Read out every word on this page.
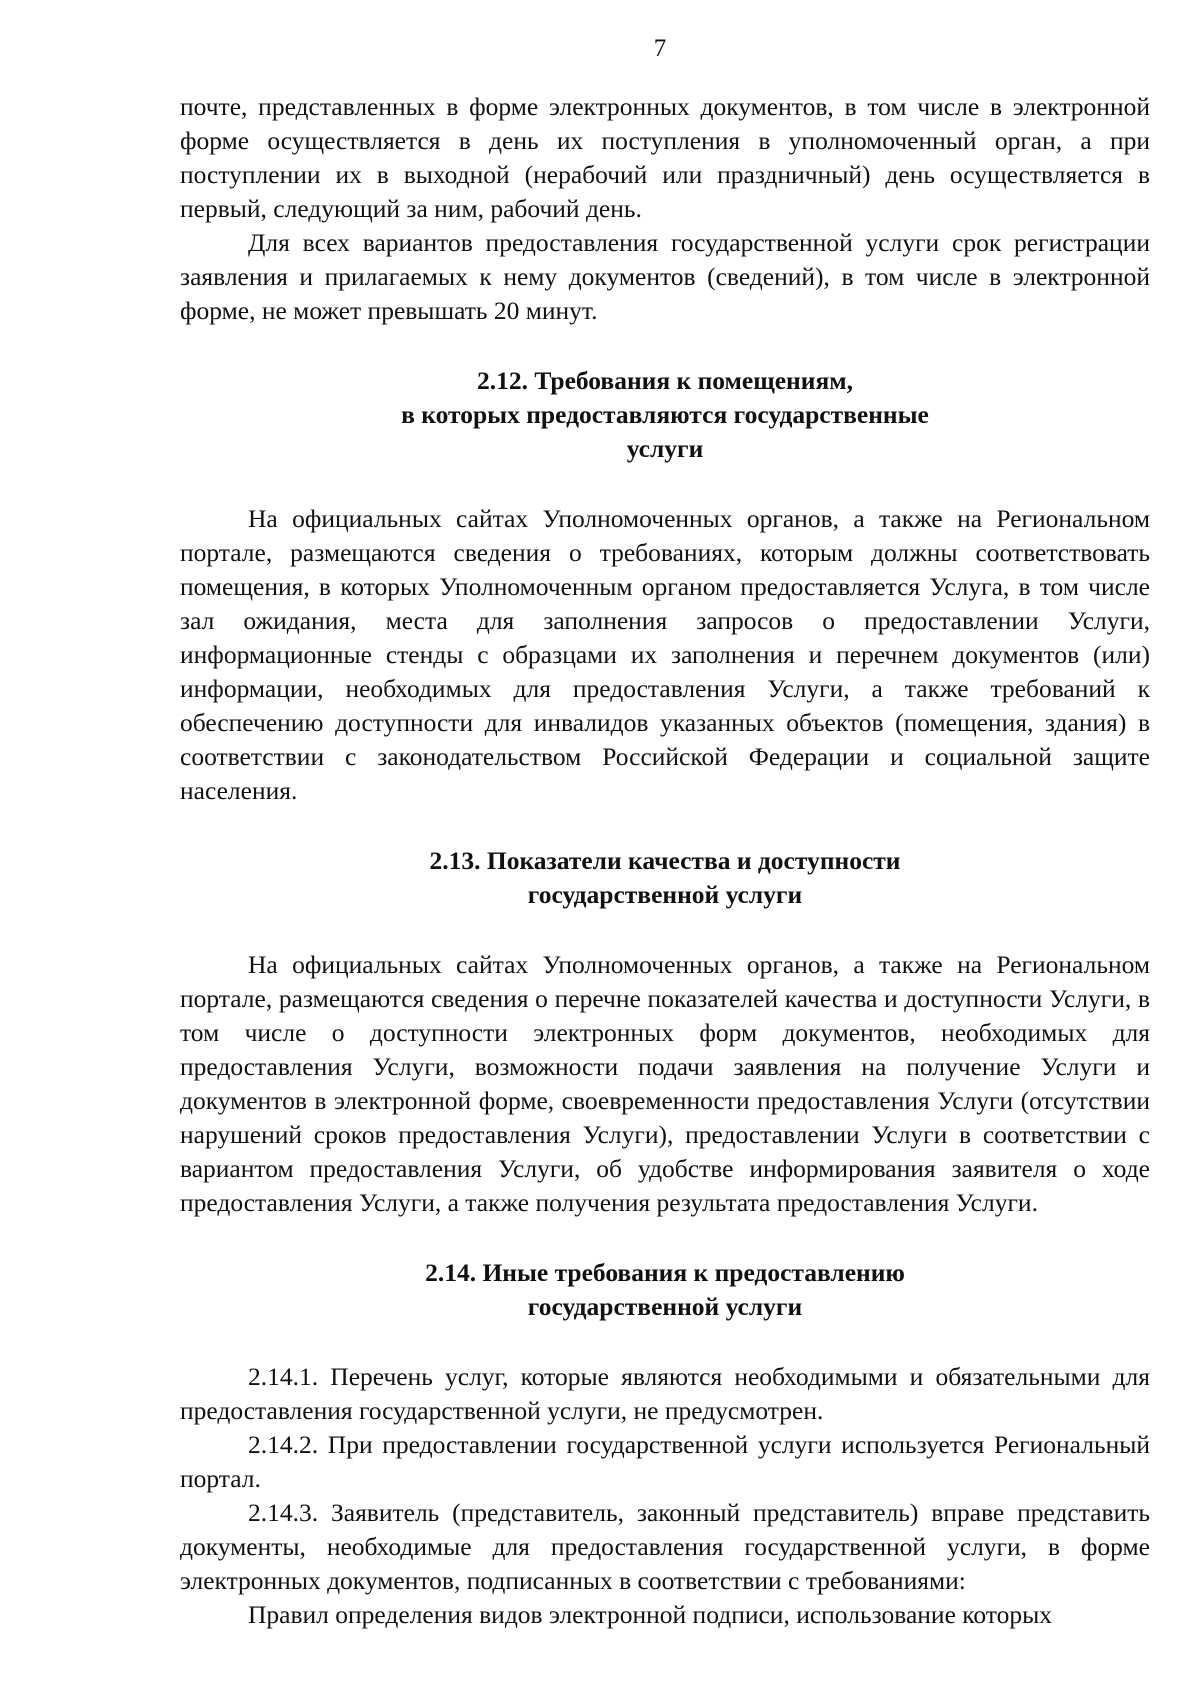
7

почте, представленных в форме электронных документов, в том числе в электронной форме осуществляется в день их поступления в уполномоченный орган, а при поступлении их в выходной (нерабочий или праздничный) день осуществляется в первый, следующий за ним, рабочий день.

Для всех вариантов предоставления государственной услуги срок регистрации заявления и прилагаемых к нему документов (сведений), в том числе в электронной форме, не может превышать 20 минут.

2.12. Требования к помещениям,
в которых предоставляются государственные
услуги

На официальных сайтах Уполномоченных органов, а также на Региональном портале, размещаются сведения о требованиях, которым должны соответствовать помещения, в которых Уполномоченным органом предоставляется Услуга, в том числе зал ожидания, места для заполнения запросов о предоставлении Услуги, информационные стенды с образцами их заполнения и перечнем документов (или) информации, необходимых для предоставления Услуги, а также требований к обеспечению доступности для инвалидов указанных объектов (помещения, здания) в соответствии с законодательством Российской Федерации и социальной защите населения.

2.13. Показатели качества и доступности
государственной услуги

На официальных сайтах Уполномоченных органов, а также на Региональном портале, размещаются сведения о перечне показателей качества и доступности Услуги, в том числе о доступности электронных форм документов, необходимых для предоставления Услуги, возможности подачи заявления на получение Услуги и документов в электронной форме, своевременности предоставления Услуги (отсутствии нарушений сроков предоставления Услуги), предоставлении Услуги в соответствии с вариантом предоставления Услуги, об удобстве информирования заявителя о ходе предоставления Услуги, а также получения результата предоставления Услуги.

2.14. Иные требования к предоставлению
государственной услуги

2.14.1. Перечень услуг, которые являются необходимыми и обязательными для предоставления государственной услуги, не предусмотрен.

2.14.2. При предоставлении государственной услуги используется Региональный портал.

2.14.3. Заявитель (представитель, законный представитель) вправе представить документы, необходимые для предоставления государственной услуги, в форме электронных документов, подписанных в соответствии с требованиями:

Правил определения видов электронной подписи, использование которых
